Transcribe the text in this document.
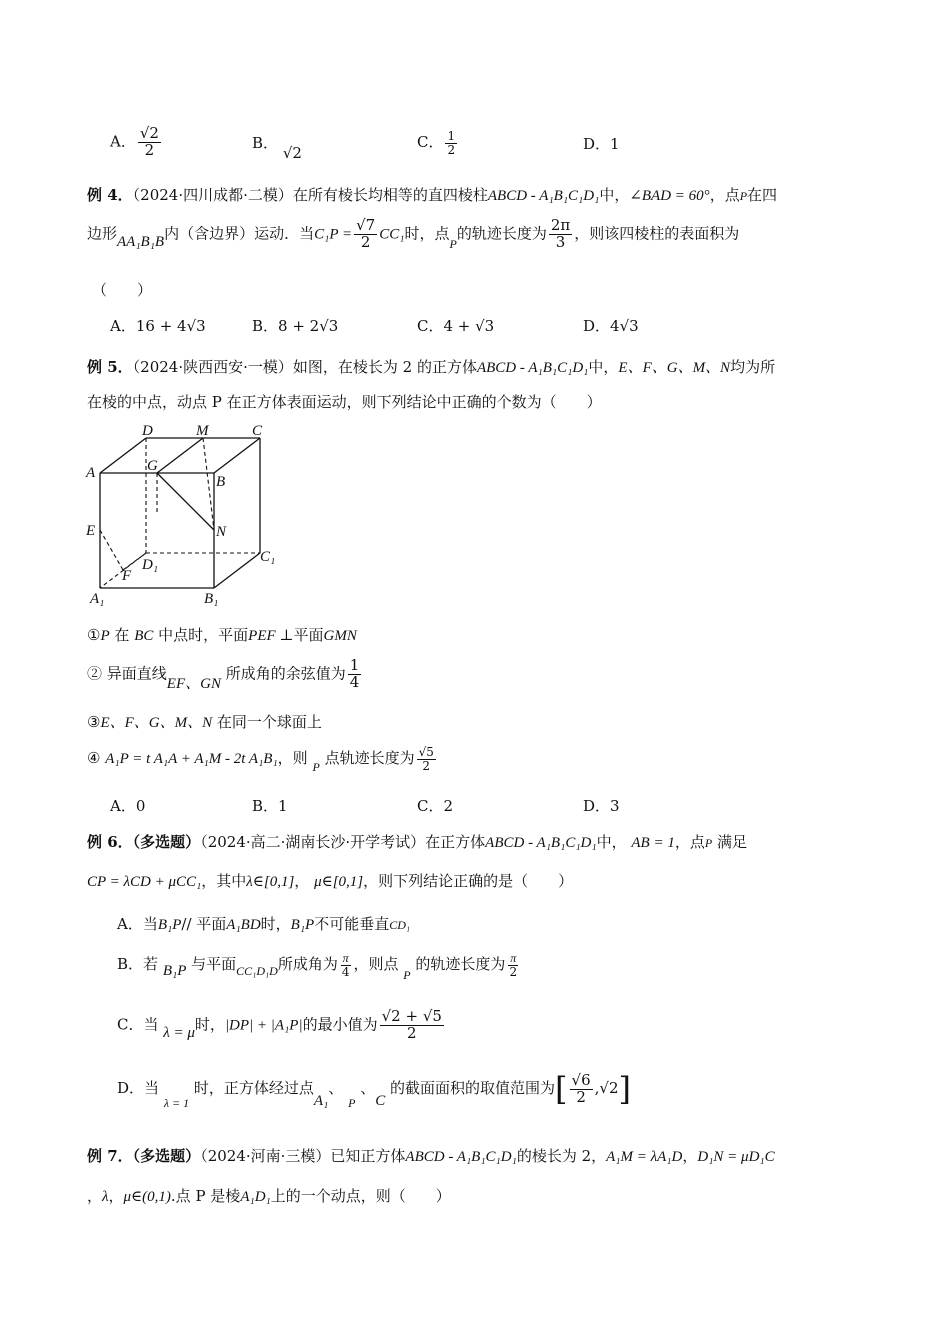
A． $\frac{√2}{2}$	B． √2
C． $\frac{1}{2}$	D．1
例 4．（2024·四川成都·二模）在所有棱长均相等的直四棱柱ABCD - A₁B₁C₁D₁中，∠BAD = 60°，点P在四
边形AA₁B₁B内（含边界）运动．当$C_1P = \frac{√7}{2} CC_1$时，点$_P$的轨迹长度为 $\frac{2\pi}{3}$ ，则该四棱柱的表面积为
（　　）
A．16 + 4√3	B．8 + 2√3	C．4 + √3	D．4√3
例 5．（2024·陕西西安·一模）如图，在棱长为 2 的正方体ABCD - A₁B₁C₁D₁中，E、F、G、M、N均为所
在棱的中点，动点 P 在正方体表面运动，则下列结论中正确的个数为（　　）
D	M	C
G
A
B
E	N
D₁	C₁
F
A₁	B₁
①P 在 BC 中点时，平面PEF ⊥平面GMN
② 异面直线EF、GN 所成角的余弦值为 $\frac{1}{4}$
③E、F、G、M、N 在同一个球面上
④ A₁P = t A₁A + A₁M - 2t A₁B₁，则 $_P$ 点轨迹长度为 $\frac{√5}{2}$
A．0	B．1	C．2	D．3
例 6．（多选题）（2024·高二·湖南长沙·开学考试）在正方体ABCD - A₁B₁C₁D₁中， AB = 1，点P 满足
CP = λCD + μCC₁，其中λ∈[0,1]， μ∈[0,1]，则下列结论正确的是（　　）
A．当B₁P// 平面A₁BD时，B₁P不可能垂直CD₁
B．若 B₁P 与平面$_{CC_1D_1D}$所成角为 $\frac{\pi}{4}$ ，则点 $_P$ 的轨迹长度为 $\frac{\pi}{2}$
C．当 λ = μ时，|DP| + |A₁P|的最小值为 $\frac{√2 + √5}{2}$
D．当 $_{\lambda = 1}$ 时，正方体经过点A₁、 $_P$ 、C 的截面面积的取值范围为[ $\frac{√6}{2} ,√2$]
例 7．（多选题）（2024·河南·三模）已知正方体ABCD - A₁B₁C₁D₁的棱长为 2，A₁M = λA₁D，D₁N = μD₁C
，λ，μ∈(0,1).点 P 是棱A₁D₁上的一个动点，则（　　）
